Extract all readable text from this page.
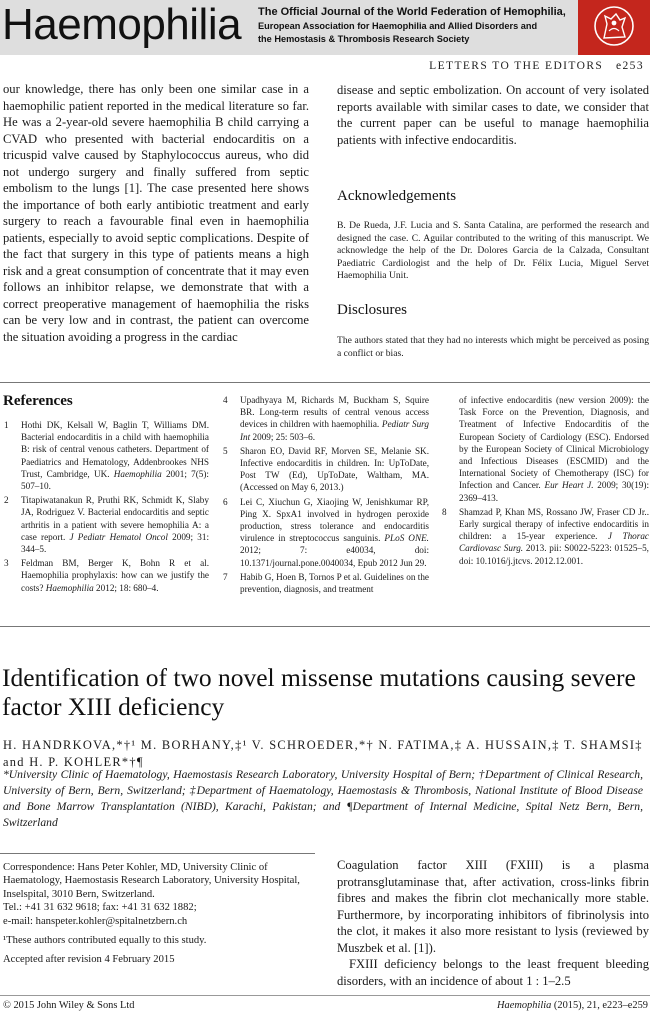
Haemophilia The Official Journal of the World Federation of Hemophilia,
European Association for Haemophilia and Allied Disorders and
the Hemostasis & Thrombosis Research Society
LETTERS TO THE EDITORS e253

our knowledge, there has only been one similar case in a haemophilic patient reported in the medical literature so far. He was a 2-year-old severe haemophilia B child carrying a CVAD who presented with bacterial endocarditis on a tricuspid valve caused by Staphylococcus aureus, who did not undergo surgery and finally suffered from septic embolism to the lungs [1]. The case presented here shows the importance of both early antibiotic treatment and early surgery to reach a favourable final even in haemophilia patients, especially to avoid septic complications. Despite of the fact that surgery in this type of patients means a high risk and a great consumption of concentrate that it may even follows an inhibitor relapse, we demonstrate that with a correct preoperative management of haemophilia the risks can be very low and in contrast, the patient can overcome the situation avoiding a progress in the cardiac

disease and septic embolization. On account of very isolated reports available with similar cases to date, we consider that the current paper can be useful to manage haemophilia patients with infective endocarditis.

Acknowledgements

B. De Rueda, J.F. Lucia and S. Santa Catalina, are performed the research and designed the case. C. Aguilar contributed to the writing of this manuscript. We acknowledge the help of the Dr. Dolores Garcia de la Calzada, Consultant Paediatric Cardiologist and the help of Dr. Félix Lucia, Miguel Servet Haemophilia Unit.

Disclosures

The authors stated that they had no interests which might be perceived as posing a conflict or bias.

References
1 Hothi DK, Kelsall W, Baglin T, Williams DM. Bacterial endocarditis in a child with haemophilia B: risk of central venous catheters. Department of Paediatrics and Hematology, Addenbrookes NHS Trust, Cambridge, UK. Haemophilia 2001; 7(5): 507–10.
2 Titapiwatanakun R, Pruthi RK, Schmidt K, Slaby JA, Rodriguez V. Bacterial endocarditis and septic arthritis in a patient with severe hemophilia A: a case report. J Pediatr Hematol Oncol 2009; 31: 344–5.
3 Feldman BM, Berger K, Bohn R et al. Haemophilia prophylaxis: how can we justify the costs? Haemophilia 2012; 18: 680–4.
4 Upadhyaya M, Richards M, Buckham S, Squire BR. Long-term results of central venous access devices in children with haemophilia. Pediatr Surg Int 2009; 25: 503–6.
5 Sharon EO, David RF, Morven SE, Melanie SK. Infective endocarditis in children. In: UpToDate, Post TW (Ed), UpToDate, Waltham, MA. (Accessed on May 6, 2013.)
6 Lei C, Xiuchun G, Xiaojing W, Jenishkumar RP, Ping X. SpxA1 involved in hydrogen peroxide production, stress tolerance and endocarditis virulence in streptococcus sanguinis. PLoS ONE. 2012; 7: e40034, doi: 10.1371/journal.pone.0040034, Epub 2012 Jun 29.
7 Habib G, Hoen B, Tornos P et al. Guidelines on the prevention, diagnosis, and treatment
of infective endocarditis (new version 2009): the Task Force on the Prevention, Diagnosis, and Treatment of Infective Endocarditis of the European Society of Cardiology (ESC). Endorsed by the European Society of Clinical Microbiology and Infectious Diseases (ESCMID) and the International Society of Chemotherapy (ISC) for Infection and Cancer. Eur Heart J. 2009; 30(19): 2369–413.
8 Shamzad P, Khan MS, Rossano JW, Fraser CD Jr.. Early surgical therapy of infective endocarditis in children: a 15-year experience. J Thorac Cardiovasc Surg. 2013. pii: S0022-5223: 01525–5, doi: 10.1016/j.jtcvs. 2012.12.001.
Identification of two novel missense mutations causing severe factor XIII deficiency

H. HANDRKOVA,*†¹ M. BORHANY,‡¹ V. SCHROEDER,*† N. FATIMA,‡ A. HUSSAIN,‡ T. SHAMSI‡ and H. P. KOHLER*†¶

*University Clinic of Haematology, Haemostasis Research Laboratory, University Hospital of Bern; †Department of Clinical Research, University of Bern, Bern, Switzerland; ‡Department of Haematology, Haemostasis & Thrombosis, National Institute of Blood Disease and Bone Marrow Transplantation (NIBD), Karachi, Pakistan; and ¶Department of Internal Medicine, Spital Netz Bern, Bern, Switzerland

Correspondence: Hans Peter Kohler, MD, University Clinic of Haematology, Haemostasis Research Laboratory, University Hospital, Inselspital, 3010 Bern, Switzerland.

Tel.: +41 31 632 9618; fax: +41 31 632 1882;

e-mail: hanspeter.kohler@spitalnetzbern.ch

¹These authors contributed equally to this study.

Accepted after revision 4 February 2015

Coagulation factor XIII (FXIII) is a plasma protransglutaminase that, after activation, cross-links fibrin fibres and makes the fibrin clot mechanically more stable. Furthermore, by incorporating inhibitors of fibrinolysis into the clot, it makes it also more resistant to lysis (reviewed by Muszbek et al. [1]).

FXIII deficiency belongs to the least frequent bleeding disorders, with an incidence of about 1 : 1–2.5

© 2015 John Wiley & Sons Ltd	Haemophilia (2015), 21, e223–e259
